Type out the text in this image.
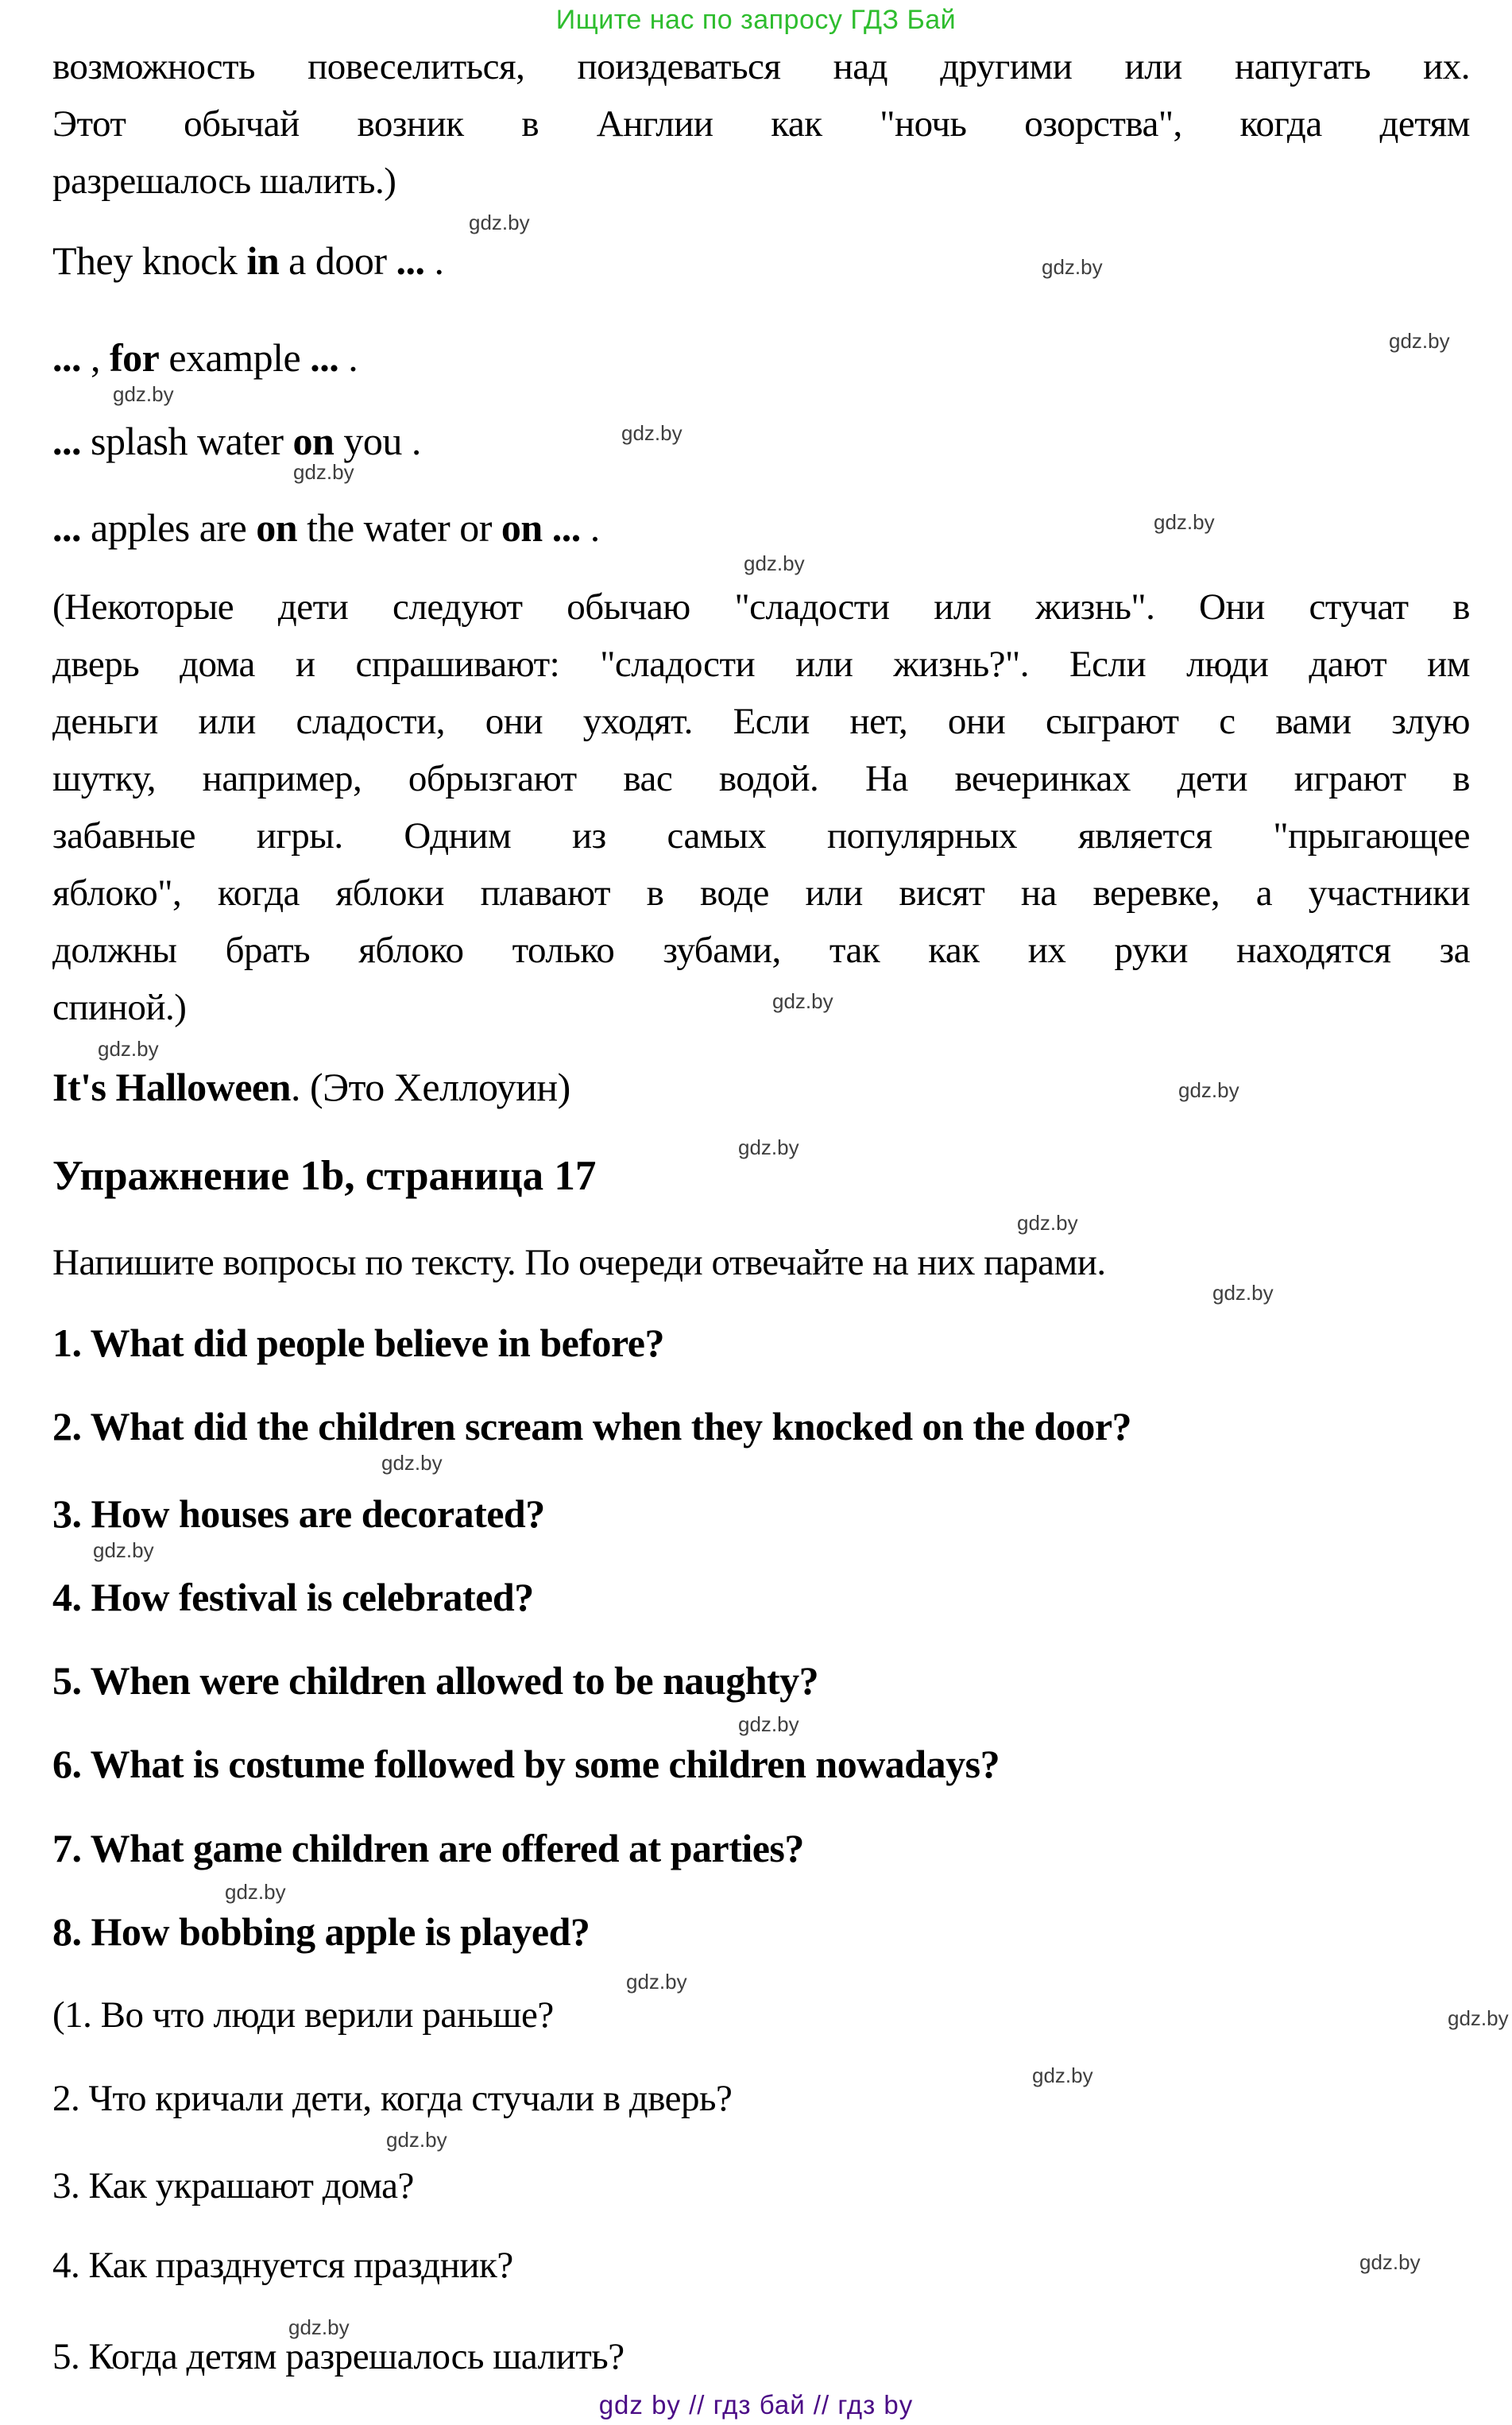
Ищите нас по запросу ГДЗ Бай
возможность повеселиться, поиздеваться над другими или напугать их.
Этот обычай возник в Англии как "ночь озорства", когда детям
разрешалось шалить.)
They knock in a door ... .
... , for example ... .
... splash water on you .
... apples are on the water or on ... .
(Некоторые дети следуют обычаю "сладости или жизнь". Они стучат в
дверь дома и спрашивают: "сладости или жизнь?". Если люди дают им
деньги или сладости, они уходят. Если нет, они сыграют с вами злую
шутку, например, обрызгают вас водой. На вечеринках дети играют в
забавные игры. Одним из самых популярных является "прыгающее
яблоко", когда яблоки плавают в воде или висят на веревке, а участники
должны брать яблоко только зубами, так как их руки находятся за
спиной.)
It's Halloween. (Это Хеллоуин)
Упражнение 1b, страница 17
Напишите вопросы по тексту. По очереди отвечайте на них парами.
1. What did people believe in before?
2. What did the children scream when they knocked on the door?
3. How houses are decorated?
4. How festival is celebrated?
5. When were children allowed to be naughty?
6. What is costume followed by some children nowadays?
7. What game children are offered at parties?
8. How bobbing apple is played?
(1. Во что люди верили раньше?
2. Что кричали дети, когда стучали в дверь?
3. Как украшают дома?
4. Как празднуется праздник?
5. Когда детям разрешалось шалить?
gdz.by
gdz.by
gdz.by
gdz.by
gdz.by
gdz.by
gdz.by
gdz.by
gdz.by
gdz.by
gdz.by
gdz.by
gdz.by
gdz.by
gdz.by
gdz.by
gdz.by
gdz.by
gdz.by
gdz.by
gdz.by
gdz.by
gdz.by
gdz.by
gdz by // гдз бай // гдз by
